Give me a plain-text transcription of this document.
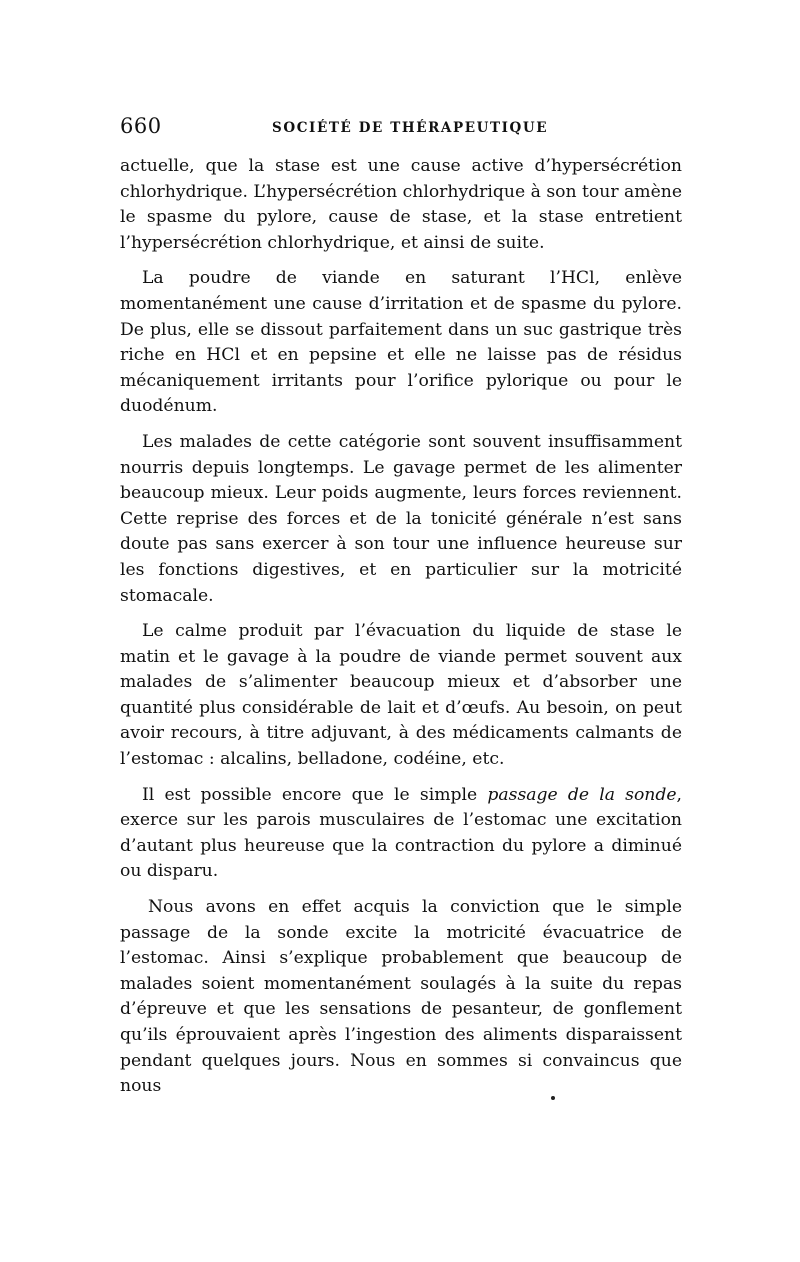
660	SOCIÉTÉ DE THÉRAPEUTIQUE

actuelle, que la stase est une cause active d’hypersécrétion chlorhydrique. L’hypersécrétion chlorhydrique à son tour amène le spasme du pylore, cause de stase, et la stase entretient l’hypersécrétion chlorhydrique, et ainsi de suite.

La poudre de viande en saturant l’HCl, enlève momentanément une cause d’irritation et de spasme du pylore. De plus, elle se dissout parfaitement dans un suc gastrique très riche en HCl et en pepsine et elle ne laisse pas de résidus mécaniquement irritants pour l’orifice pylorique ou pour le duodénum.

Les malades de cette catégorie sont souvent insuffisamment nourris depuis longtemps. Le gavage permet de les alimenter beaucoup mieux. Leur poids augmente, leurs forces reviennent. Cette reprise des forces et de la tonicité générale n’est sans doute pas sans exercer à son tour une influence heureuse sur les fonctions digestives, et en particulier sur la motricité stomacale.

Le calme produit par l’évacuation du liquide de stase le matin et le gavage à la poudre de viande permet souvent aux malades de s’alimenter beaucoup mieux et d’absorber une quantité plus considérable de lait et d’œufs. Au besoin, on peut avoir recours, à titre adjuvant, à des médicaments calmants de l’estomac : alcalins, belladone, codéine, etc.

Il est possible encore que le simple passage de la sonde, exerce sur les parois musculaires de l’estomac une excitation d’autant plus heureuse que la contraction du pylore a diminué ou disparu.

Nous avons en effet acquis la conviction que le simple passage de la sonde excite la motricité évacuatrice de l’estomac. Ainsi s’explique probablement que beaucoup de malades soient momentanément soulagés à la suite du repas d’épreuve et que les sensations de pesanteur, de gonflement qu’ils éprouvaient après l’ingestion des aliments disparaissent pendant quelques jours. Nous en sommes si convaincus que nous
